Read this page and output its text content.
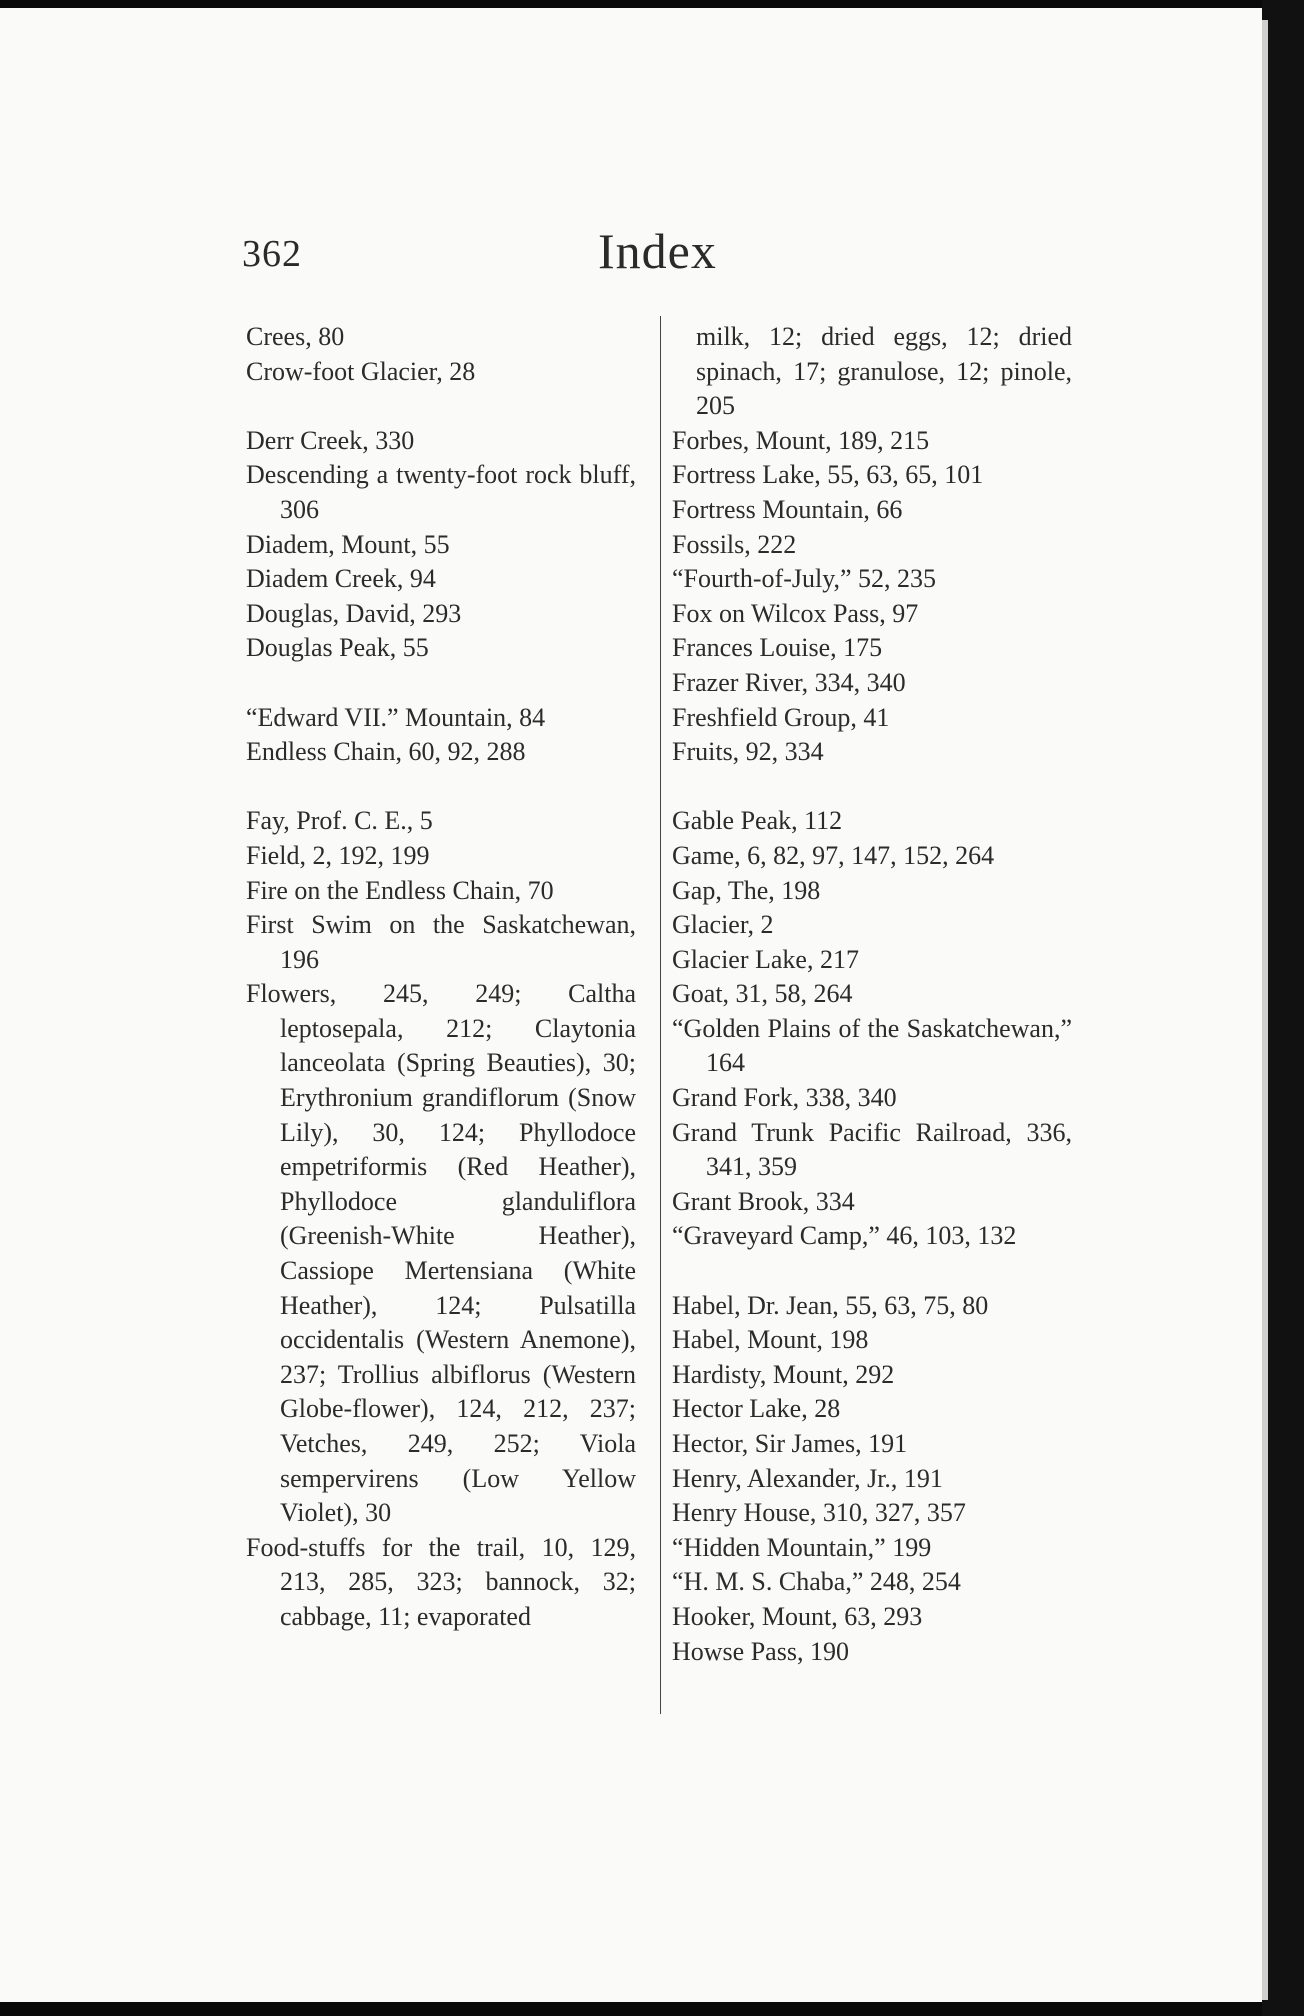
362	Index

Crees, 80

Crow-foot Glacier, 28

Derr Creek, 330

Descending a twenty-foot rock bluff, 306

Diadem, Mount, 55

Diadem Creek, 94

Douglas, David, 293

Douglas Peak, 55

“Edward VII.” Mountain, 84

Endless Chain, 60, 92, 288

Fay, Prof. C. E., 5

Field, 2, 192, 199

Fire on the Endless Chain, 70

First Swim on the Saskatchewan, 196

Flowers, 245, 249; Caltha leptosepala, 212; Claytonia lanceolata (Spring Beauties), 30; Erythronium grandiflorum (Snow Lily), 30, 124; Phyllodoce empetriformis (Red Heather), Phyllodoce glanduliflora (Greenish-White Heather), Cassiope Mertensiana (White Heather), 124; Pulsatilla occidentalis (Western Anemone), 237; Trollius albiflorus (Western Globe-flower), 124, 212, 237; Vetches, 249, 252; Viola sempervirens (Low Yellow Violet), 30

Food-stuffs for the trail, 10, 129, 213, 285, 323; bannock, 32; cabbage, 11; evaporated

milk, 12; dried eggs, 12; dried spinach, 17; granulose, 12; pinole, 205

Forbes, Mount, 189, 215

Fortress Lake, 55, 63, 65, 101

Fortress Mountain, 66

Fossils, 222

“Fourth-of-July,” 52, 235

Fox on Wilcox Pass, 97

Frances Louise, 175

Frazer River, 334, 340

Freshfield Group, 41

Fruits, 92, 334

Gable Peak, 112

Game, 6, 82, 97, 147, 152, 264

Gap, The, 198

Glacier, 2

Glacier Lake, 217

Goat, 31, 58, 264

“Golden Plains of the Saskatchewan,” 164

Grand Fork, 338, 340

Grand Trunk Pacific Railroad, 336, 341, 359

Grant Brook, 334

“Graveyard Camp,” 46, 103, 132

Habel, Dr. Jean, 55, 63, 75, 80

Habel, Mount, 198

Hardisty, Mount, 292

Hector Lake, 28

Hector, Sir James, 191

Henry, Alexander, Jr., 191

Henry House, 310, 327, 357

“Hidden Mountain,” 199

“H. M. S. Chaba,” 248, 254

Hooker, Mount, 63, 293

Howse Pass, 190
